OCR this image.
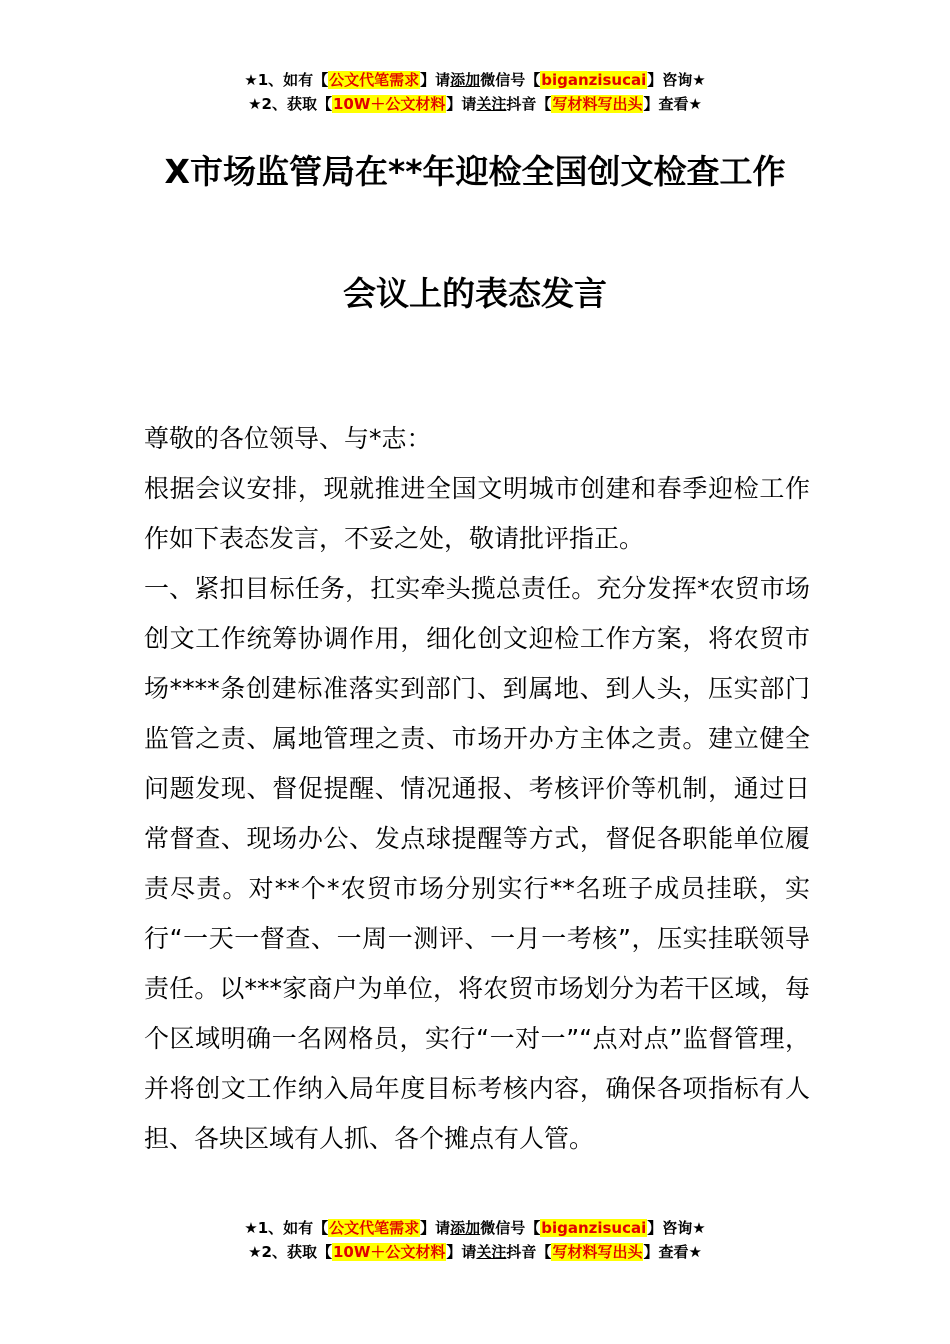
★1、如有【公文代笔需求】请添加微信号【biganzisucai】咨询★
★2、获取【10W＋公文材料】请关注抖音【写材料写出头】查看★
X市场监管局在**年迎检全国创文检查工作
会议上的表态发言

尊敬的各位领导、与*志：

根据会议安排，现就推进全国文明城市创建和春季迎检工作作如下表态发言，不妥之处，敬请批评指正。

一、紧扣目标任务，扛实牵头揽总责任。充分发挥*农贸市场创文工作统筹协调作用，细化创文迎检工作方案，将农贸市场****条创建标准落实到部门、到属地、到人头，压实部门监管之责、属地管理之责、市场开办方主体之责。建立健全问题发现、督促提醒、情况通报、考核评价等机制，通过日常督查、现场办公、发点球提醒等方式，督促各职能单位履责尽责。对**个*农贸市场分别实行**名班子成员挂联，实行“一天一督查、一周一测评、一月一考核”，压实挂联领导责任。以***家商户为单位，将农贸市场划分为若干区域，每个区域明确一名网格员，实行“一对一”“点对点”监督管理，并将创文工作纳入局年度目标考核内容，确保各项指标有人担、各块区域有人抓、各个摊点有人管。

★1、如有【公文代笔需求】请添加微信号【biganzisucai】咨询★
★2、获取【10W＋公文材料】请关注抖音【写材料写出头】查看★
